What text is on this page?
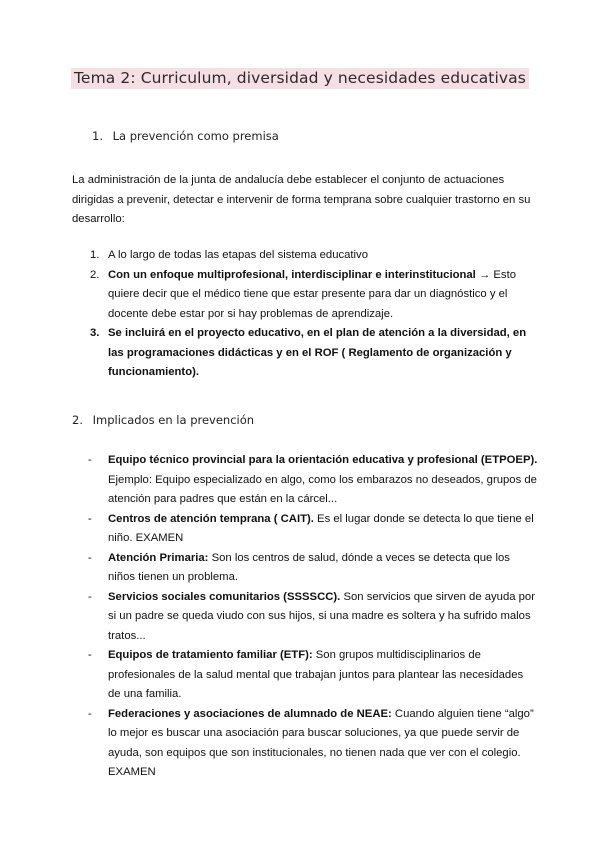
Tema 2: Curriculum, diversidad y necesidades educativas
1. La prevención como premisa
La administración de la junta de andalucía debe establecer el conjunto de actuaciones dirigidas a prevenir, detectar e intervenir de forma temprana sobre cualquier trastorno en su desarrollo:
1. A lo largo de todas las etapas del sistema educativo
2. Con un enfoque multiprofesional, interdisciplinar e interinstitucional → Esto quiere decir que el médico tiene que estar presente para dar un diagnóstico y el docente debe estar por si hay problemas de aprendizaje.
3. Se incluirá en el proyecto educativo, en el plan de atención a la diversidad, en las programaciones didácticas y en el ROF ( Reglamento de organización y funcionamiento).
2. Implicados en la prevención
- Equipo técnico provincial para la orientación educativa y profesional (ETPOEP). Ejemplo: Equipo especializado en algo, como los embarazos no deseados, grupos de atención para padres que están en la cárcel...
- Centros de atención temprana ( CAIT). Es el lugar donde se detecta lo que tiene el niño. EXAMEN
- Atención Primaria: Son los centros de salud, dónde a veces se detecta que los niños tienen un problema.
- Servicios sociales comunitarios (SSSSCC). Son servicios que sirven de ayuda por si un padre se queda viudo con sus hijos, si una madre es soltera y ha sufrido malos tratos...
- Equipos de tratamiento familiar (ETF): Son grupos multidisciplinarios de profesionales de la salud mental que trabajan juntos para plantear las necesidades de una familia.
- Federaciones y asociaciones de alumnado de NEAE: Cuando alguien tiene “algo” lo mejor es buscar una asociación para buscar soluciones, ya que puede servir de ayuda, son equipos que son institucionales, no tienen nada que ver con el colegio. EXAMEN
